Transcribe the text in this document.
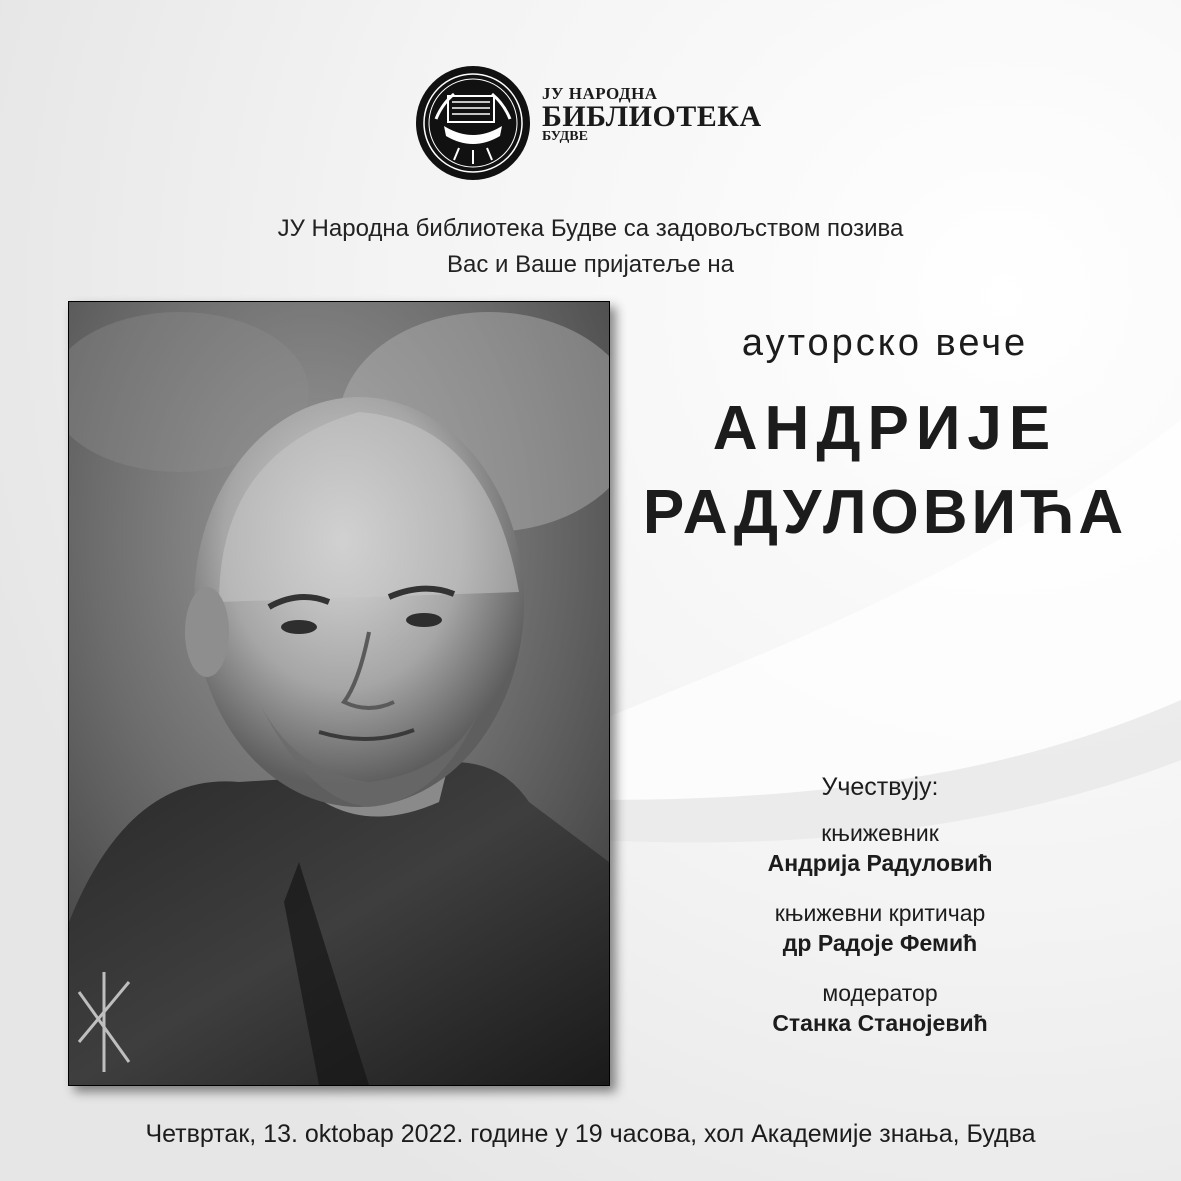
ЈУ НАРОДНА
БИБЛИОТЕКА
БУДВЕ
ЈУ Народна библиотека Будве са задовољством позива
Вас и Ваше пријатеље на
ауторско вече
АНДРИЈЕ
РАДУЛОВИЋА
Учествују:
књижевник
Андрија Радуловић
књижевни критичар
др Радоје Фемић
модератор
Станка Станојевић
Четвртак, 13. oktobар 2022. године у 19 часова, хол Академије знања, Будва
